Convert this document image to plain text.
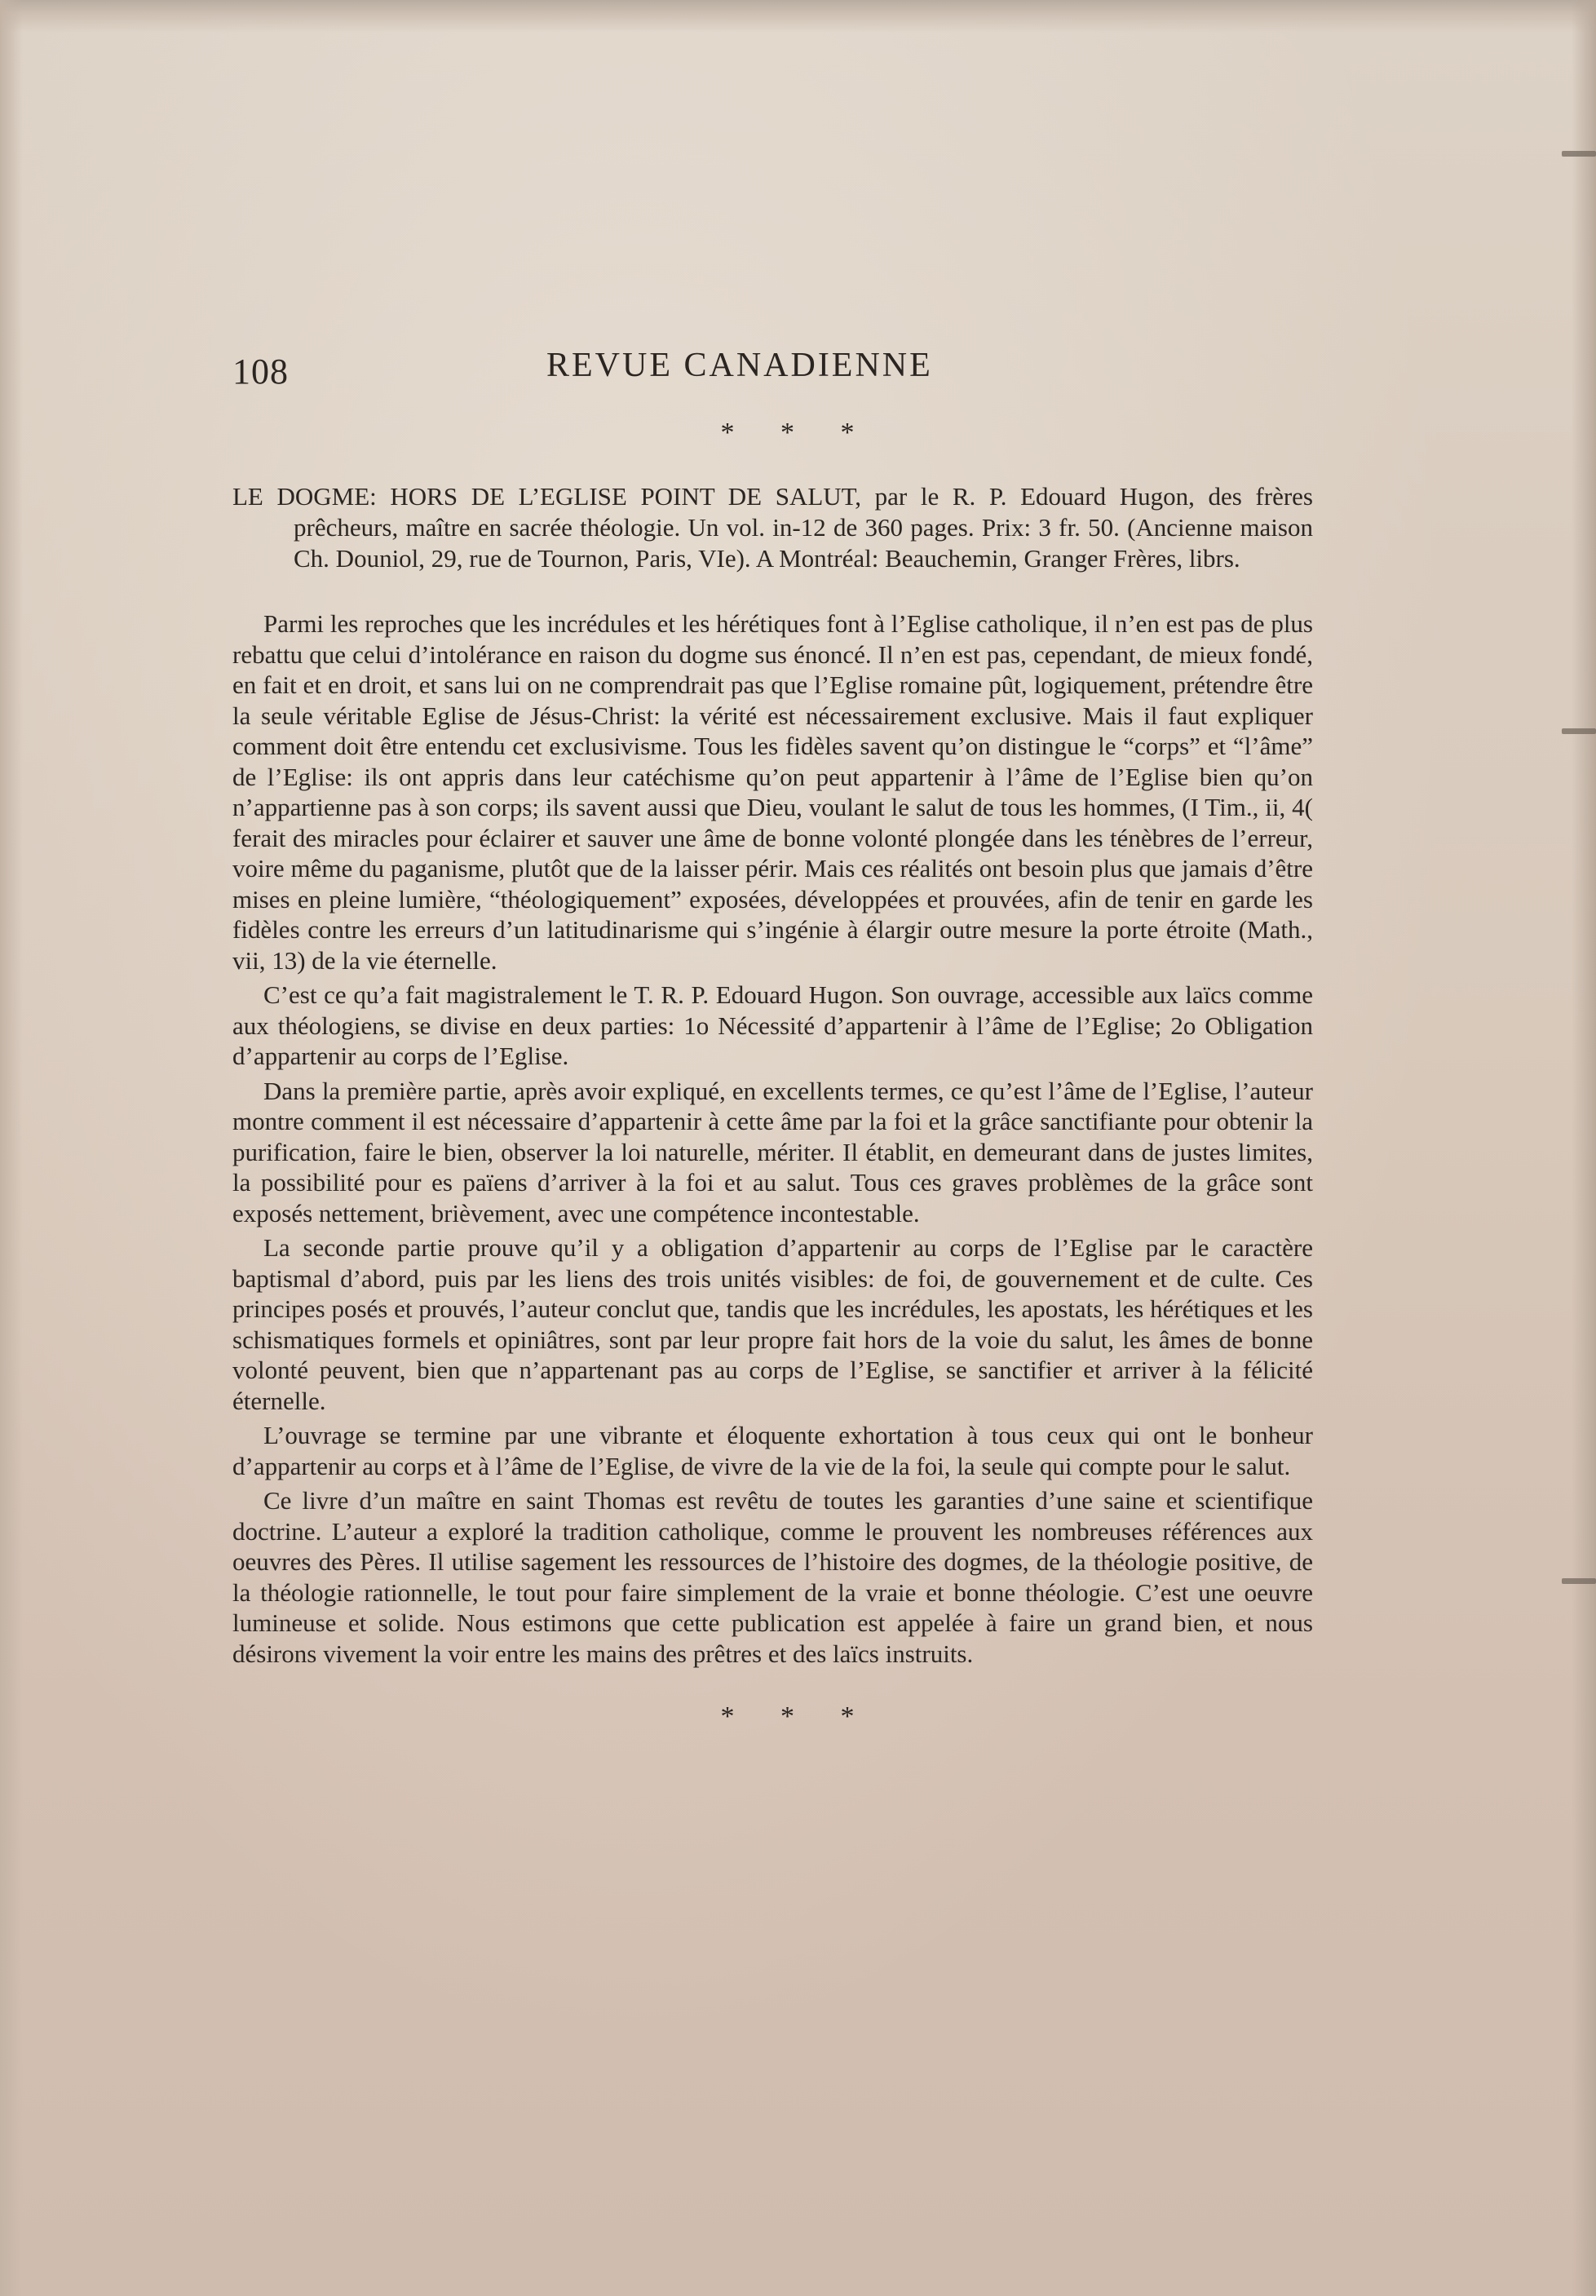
108	REVUE CANADIENNE

* * *

LE DOGME: HORS DE L’EGLISE POINT DE SALUT, par le R. P. Edouard Hugon, des frères prêcheurs, maître en sacrée théologie. Un vol. in-12 de 360 pages. Prix: 3 fr. 50. (Ancienne maison Ch. Douniol, 29, rue de Tournon, Paris, VIe). A Montréal: Beauchemin, Granger Frères, librs.

Parmi les reproches que les incrédules et les hérétiques font à l’Eglise catholique, il n’en est pas de plus rebattu que celui d’intolérance en raison du dogme sus énoncé. Il n’en est pas, cependant, de mieux fondé, en fait et en droit, et sans lui on ne comprendrait pas que l’Eglise romaine pût, logiquement, prétendre être la seule véritable Eglise de Jésus-Christ: la vérité est nécessairement exclusive. Mais il faut expliquer comment doit être entendu cet exclusivisme. Tous les fidèles savent qu’on distingue le “corps” et “l’âme” de l’Eglise: ils ont appris dans leur catéchisme qu’on peut appartenir à l’âme de l’Eglise bien qu’on n’appartienne pas à son corps; ils savent aussi que Dieu, voulant le salut de tous les hommes, (I Tim., ii, 4( ferait des miracles pour éclairer et sauver une âme de bonne volonté plongée dans les ténèbres de l’erreur, voire même du paganisme, plutôt que de la laisser périr. Mais ces réalités ont besoin plus que jamais d’être mises en pleine lumière, “théologiquement” exposées, développées et prouvées, afin de tenir en garde les fidèles contre les erreurs d’un latitudinarisme qui s’ingénie à élargir outre mesure la porte étroite (Math., vii, 13) de la vie éternelle.

C’est ce qu’a fait magistralement le T. R. P. Edouard Hugon. Son ouvrage, accessible aux laïcs comme aux théologiens, se divise en deux parties: 1o Nécessité d’appartenir à l’âme de l’Eglise; 2o Obligation d’appartenir au corps de l’Eglise.

Dans la première partie, après avoir expliqué, en excellents termes, ce qu’est l’âme de l’Eglise, l’auteur montre comment il est nécessaire d’appartenir à cette âme par la foi et la grâce sanctifiante pour obtenir la purification, faire le bien, observer la loi naturelle, mériter. Il établit, en demeurant dans de justes limites, la possibilité pour es païens d’arriver à la foi et au salut. Tous ces graves problèmes de la grâce sont exposés nettement, brièvement, avec une compétence incontestable.

La seconde partie prouve qu’il y a obligation d’appartenir au corps de l’Eglise par le caractère baptismal d’abord, puis par les liens des trois unités visibles: de foi, de gouvernement et de culte. Ces principes posés et prouvés, l’auteur conclut que, tandis que les incrédules, les apostats, les hérétiques et les schismatiques formels et opiniâtres, sont par leur propre fait hors de la voie du salut, les âmes de bonne volonté peuvent, bien que n’appartenant pas au corps de l’Eglise, se sanctifier et arriver à la félicité éternelle.

L’ouvrage se termine par une vibrante et éloquente exhortation à tous ceux qui ont le bonheur d’appartenir au corps et à l’âme de l’Eglise, de vivre de la vie de la foi, la seule qui compte pour le salut.

Ce livre d’un maître en saint Thomas est revêtu de toutes les garanties d’une saine et scientifique doctrine. L’auteur a exploré la tradition catholique, comme le prouvent les nombreuses références aux oeuvres des Pères. Il utilise sagement les ressources de l’histoire des dogmes, de la théologie positive, de la théologie rationnelle, le tout pour faire simplement de la vraie et bonne théologie. C’est une oeuvre lumineuse et solide. Nous estimons que cette publication est appelée à faire un grand bien, et nous désirons vivement la voir entre les mains des prêtres et des laïcs instruits.

* * *
